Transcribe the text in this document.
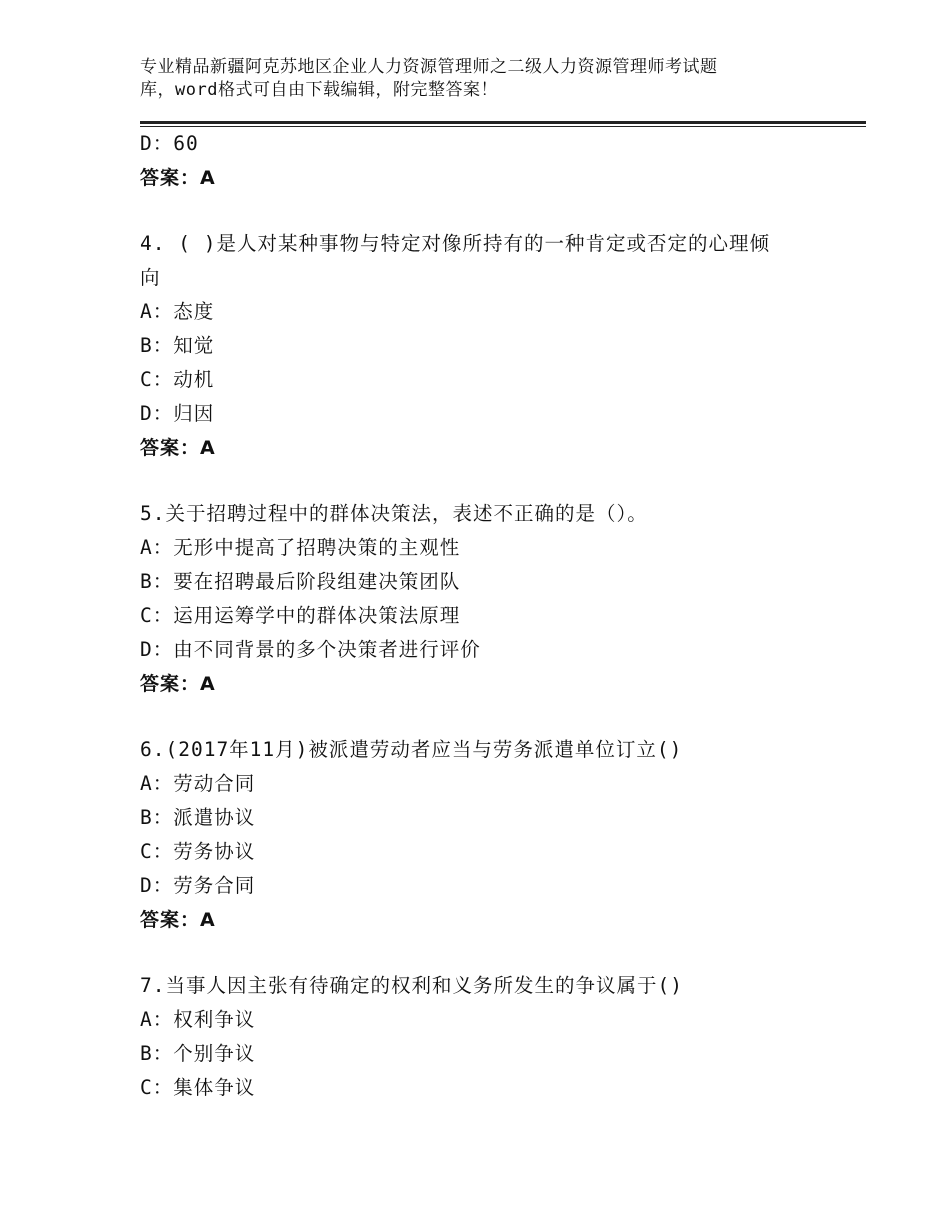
专业精品新疆阿克苏地区企业人力资源管理师之二级人力资源管理师考试题
库，word格式可自由下载编辑，附完整答案！
D：60
答案：A
4. ( )是人对某种事物与特定对像所持有的一种肯定或否定的心理倾
向
A：态度
B：知觉
C：动机
D：归因
答案：A
5.关于招聘过程中的群体决策法，表述不正确的是（）。
A：无形中提高了招聘决策的主观性
B：要在招聘最后阶段组建决策团队
C：运用运筹学中的群体决策法原理
D：由不同背景的多个决策者进行评价
答案：A
6.(2017年11月)被派遣劳动者应当与劳务派遣单位订立()
A：劳动合同
B：派遣协议
C：劳务协议
D：劳务合同
答案：A
7.当事人因主张有待确定的权利和义务所发生的争议属于()
A：权利争议
B：个别争议
C：集体争议
